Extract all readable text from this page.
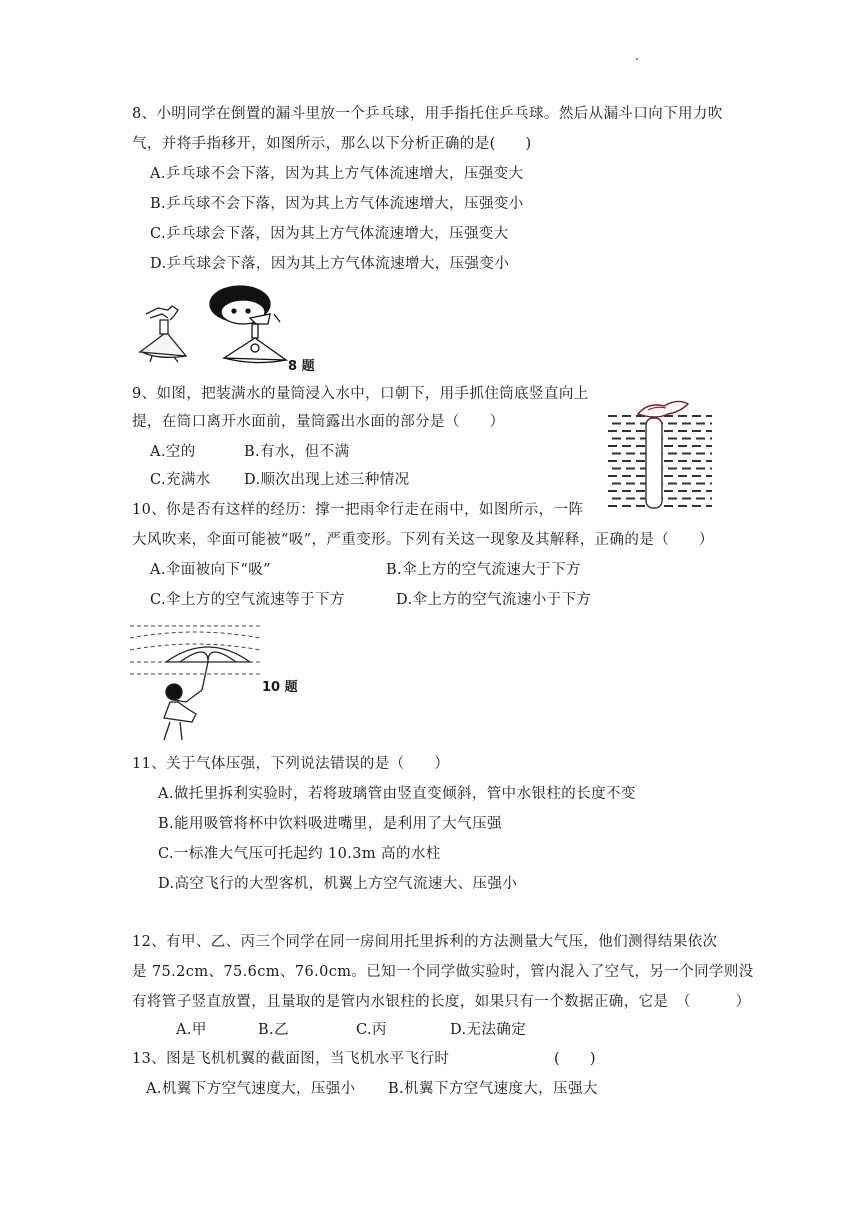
8、小明同学在倒置的漏斗里放一个乒乓球，用手指托住乒乓球。然后从漏斗口向下用力吹
气，并将手指移开，如图所示，那么以下分析正确的是(　　)
A.乒乓球不会下落，因为其上方气体流速增大，压强变大
B.乒乓球不会下落，因为其上方气体流速增大，压强变小
C.乒乓球会下落，因为其上方气体流速增大，压强变大
D.乒乓球会下落，因为其上方气体流速增大，压强变小
8 题
9、如图，把装满水的量筒浸入水中，口朝下，用手抓住筒底竖直向上
提，在筒口离开水面前，量筒露出水面的部分是（　　）
A.空的	B.有水，但不满
C.充满水 D.顺次出现上述三种情况
10、你是否有这样的经历：撑一把雨伞行走在雨中，如图所示，一阵
大风吹来，伞面可能被“吸”，严重变形。下列有关这一现象及其解释，正确的是（　　）
A.伞面被向下“吸”	B.伞上方的空气流速大于下方
C.伞上方的空气流速等于下方	D.伞上方的空气流速小于下方
10 题
11、关于气体压强，下列说法错误的是（　　）
A.做托里拆利实验时，若将玻璃管由竖直变倾斜，管中水银柱的长度不变
B.能用吸管将杯中饮料吸进嘴里，是利用了大气压强
C.一标准大气压可托起约 10.3m 高的水柱
D.高空飞行的大型客机，机翼上方空气流速大、压强小
12、有甲、乙、丙三个同学在同一房间用托里拆利的方法测量大气压，他们测得结果依次
是 75.2cm、75.6cm、76.0cm。已知一个同学做实验时，管内混入了空气，另一个同学则没
有将管子竖直放置，且量取的是管内水银柱的长度，如果只有一个数据正确，它是　（　　　）
A.甲	B.乙	C.丙	D.无法确定
13、图是飞机机翼的截面图，当飞机水平飞行时	(　　)
A.机翼下方空气速度大，压强小 B.机翼下方空气速度大，压强大
